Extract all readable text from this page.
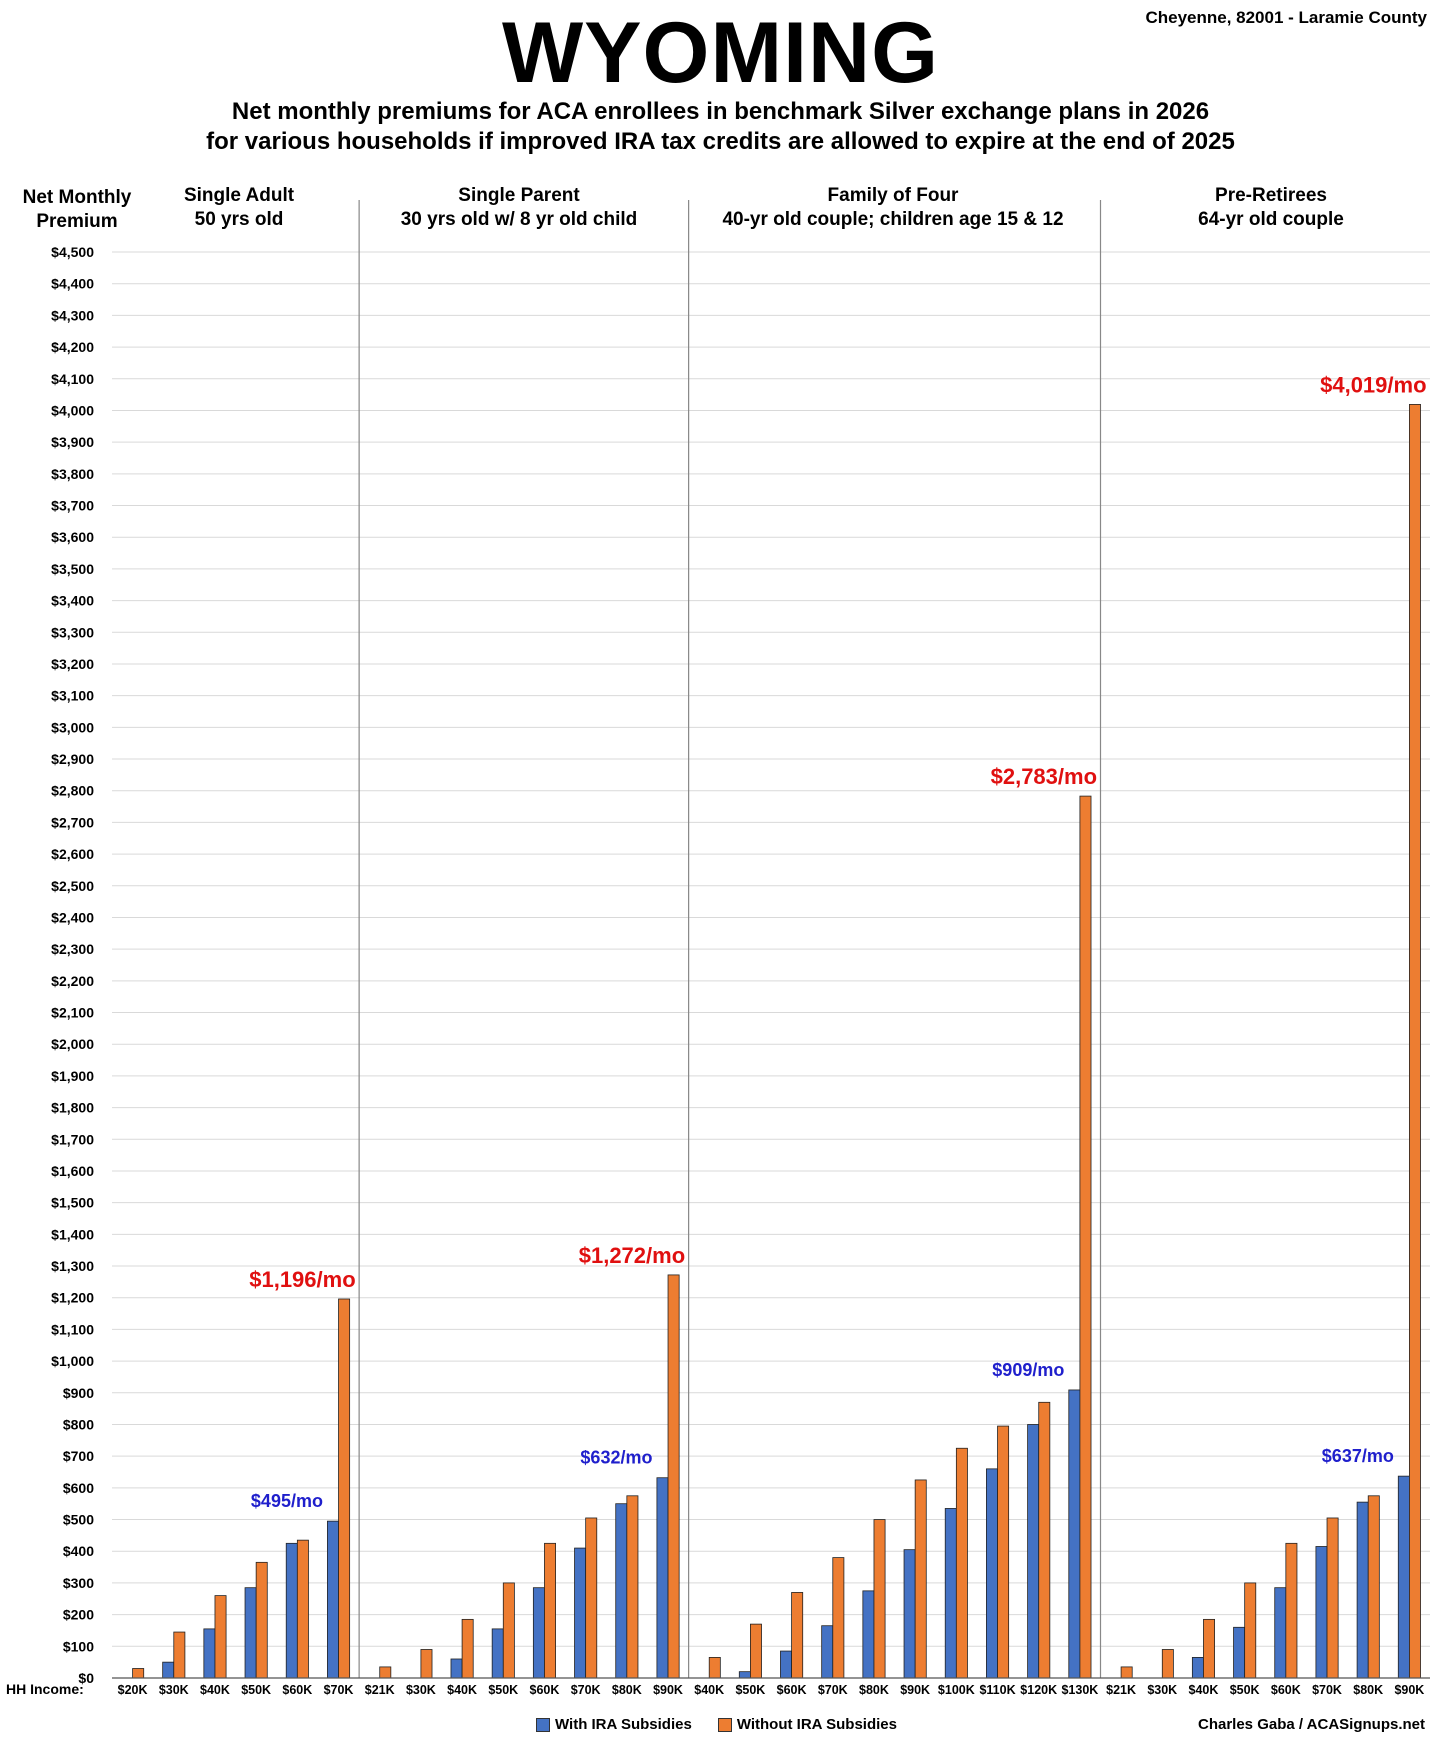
WYOMING	Cheyenne, 82001 - Laramie County
Net monthly premiums for ACA enrollees in benchmark Silver exchange plans in 2026
for various households if improved IRA tax credits are allowed to expire at the end of 2025
Net Monthly
Premium
Single Adult
50 yrs old
Single Parent
30 yrs old w/ 8 yr old child
Family of Four
40-yr old couple; children age 15 & 12
Pre-Retirees
64-yr old couple
$0
$100
$200
$300
$400
$500
$600
$700
$800
$900
$1,000
$1,100
$1,200
$1,300
$1,400
$1,500
$1,600
$1,700
$1,800
$1,900
$2,000
$2,100
$2,200
$2,300
$2,400
$2,500
$2,600
$2,700
$2,800
$2,900
$3,000
$3,100
$3,200
$3,300
$3,400
$3,500
$3,600
$3,700
$3,800
$3,900
$4,000
$4,100
$4,200
$4,300
$4,400
$4,500
$20K $30K $40K $50K $60K $70K
$495/mo
$1,196/mo
$21K $30K $40K $50K $60K $70K $80K $90K
$632/mo
$1,272/mo
$40K $50K $60K $70K $80K $90K $100K $110K $120K $130K
$909/mo
$2,783/mo
$21K $30K $40K $50K $60K $70K $80K $90K
$637/mo
$4,019/mo
HH Income:
With IRA Subsidies	Without IRA Subsidies	Charles Gaba / ACASignups.net
